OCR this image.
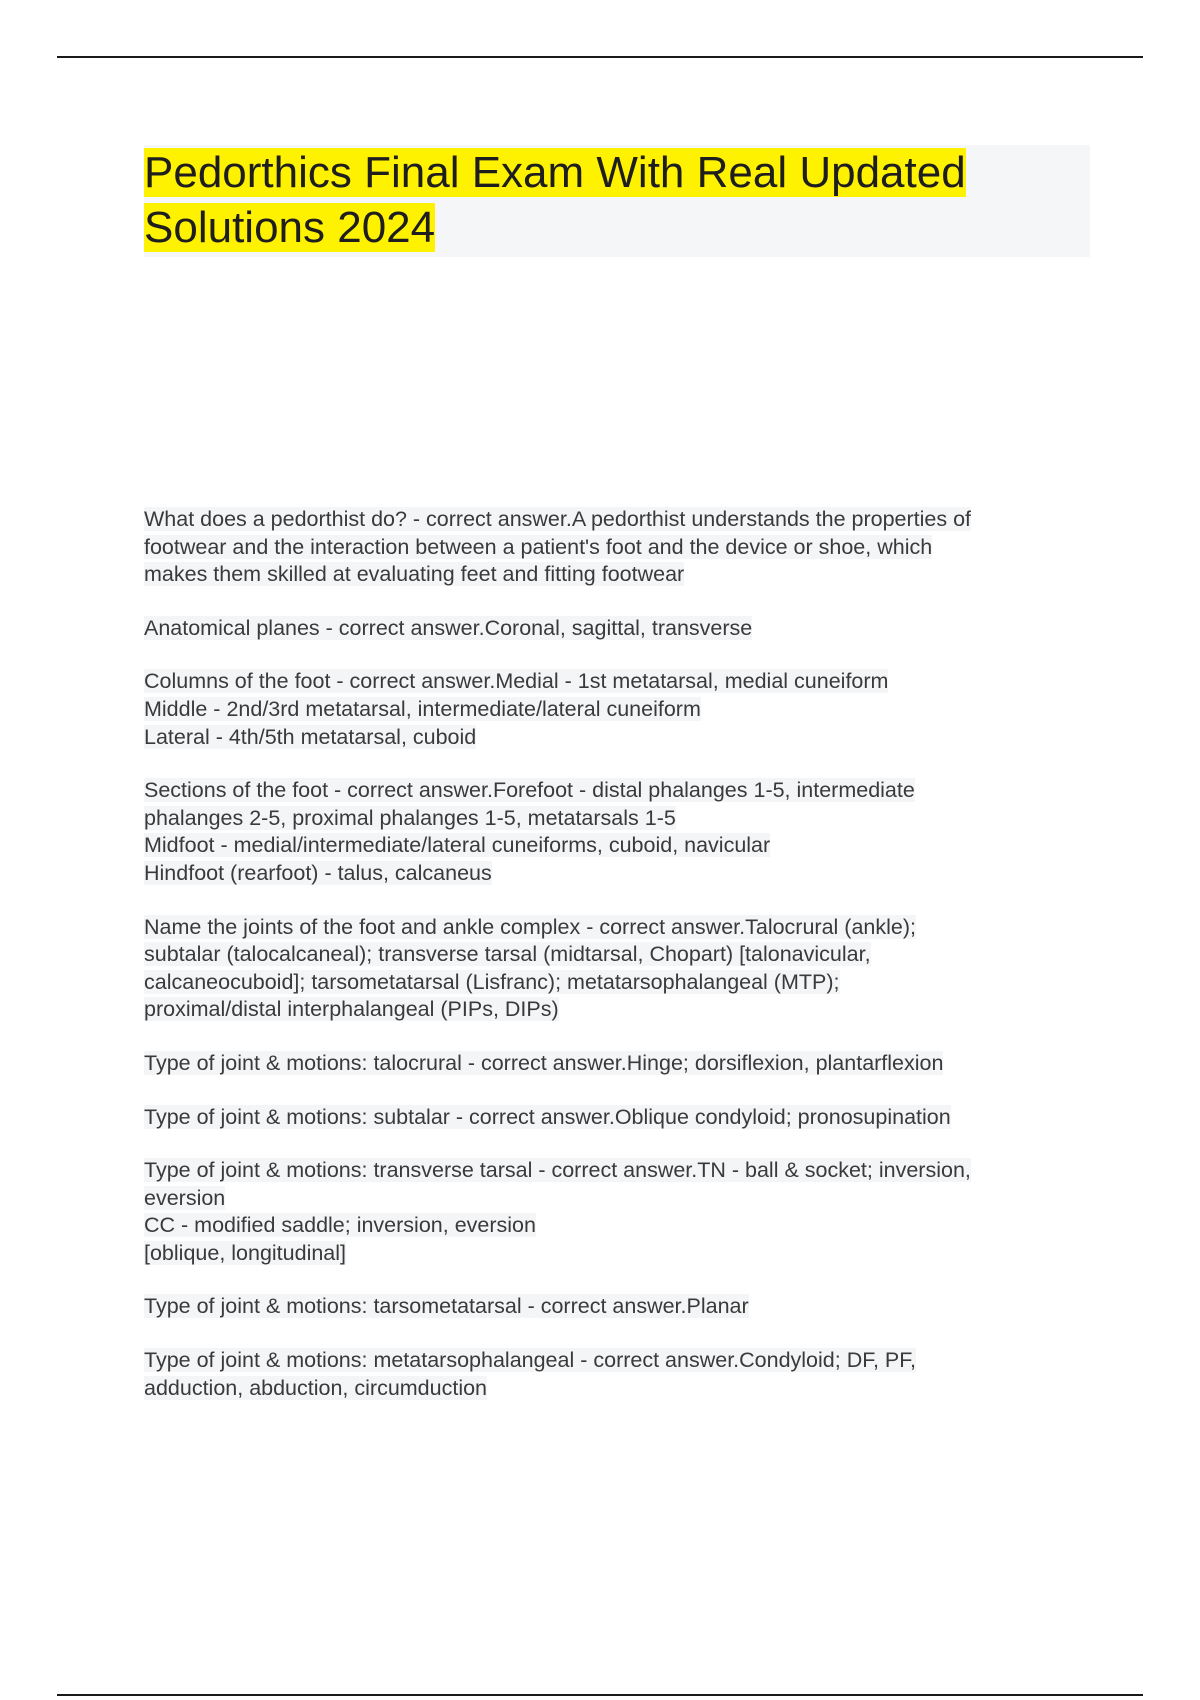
Pedorthics Final Exam With Real Updated
Solutions 2024

What does a pedorthist do? - correct answer.A pedorthist understands the properties of
footwear and the interaction between a patient's foot and the device or shoe, which
makes them skilled at evaluating feet and fitting footwear

Anatomical planes - correct answer.Coronal, sagittal, transverse

Columns of the foot - correct answer.Medial - 1st metatarsal, medial cuneiform
Middle - 2nd/3rd metatarsal, intermediate/lateral cuneiform
Lateral - 4th/5th metatarsal, cuboid

Sections of the foot - correct answer.Forefoot - distal phalanges 1-5, intermediate
phalanges 2-5, proximal phalanges 1-5, metatarsals 1-5
Midfoot - medial/intermediate/lateral cuneiforms, cuboid, navicular
Hindfoot (rearfoot) - talus, calcaneus

Name the joints of the foot and ankle complex - correct answer.Talocrural (ankle);
subtalar (talocalcaneal); transverse tarsal (midtarsal, Chopart) [talonavicular,
calcaneocuboid]; tarsometatarsal (Lisfranc); metatarsophalangeal (MTP);
proximal/distal interphalangeal (PIPs, DIPs)

Type of joint & motions: talocrural - correct answer.Hinge; dorsiflexion, plantarflexion

Type of joint & motions: subtalar - correct answer.Oblique condyloid; pronosupination

Type of joint & motions: transverse tarsal - correct answer.TN - ball & socket; inversion,
eversion
CC - modified saddle; inversion, eversion
[oblique, longitudinal]

Type of joint & motions: tarsometatarsal - correct answer.Planar

Type of joint & motions: metatarsophalangeal - correct answer.Condyloid; DF, PF,
adduction, abduction, circumduction
